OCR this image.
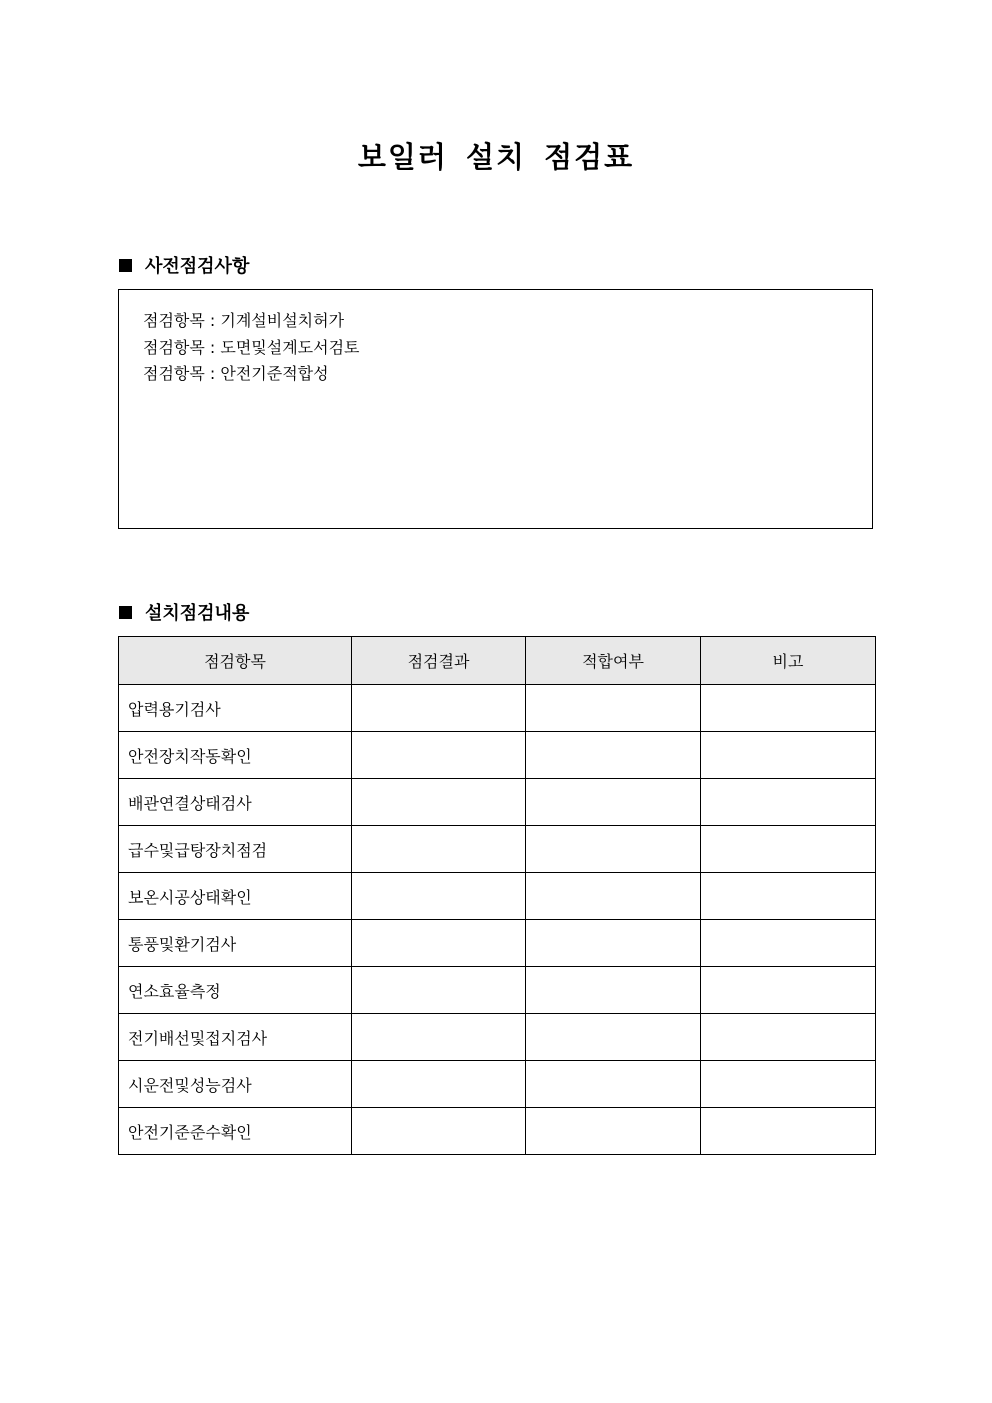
보일러 설치 점검표
사전점검사항
점검항목 : 기계설비설치허가
점검항목 : 도면및설계도서검토
점검항목 : 안전기준적합성
설치점검내용
점검항목	점검결과	적합여부	비고
압력용기검사			
안전장치작동확인			
배관연결상태검사			
급수및급탕장치점검			
보온시공상태확인			
통풍및환기검사			
연소효율측정			
전기배선및접지검사			
시운전및성능검사			
안전기준준수확인			
